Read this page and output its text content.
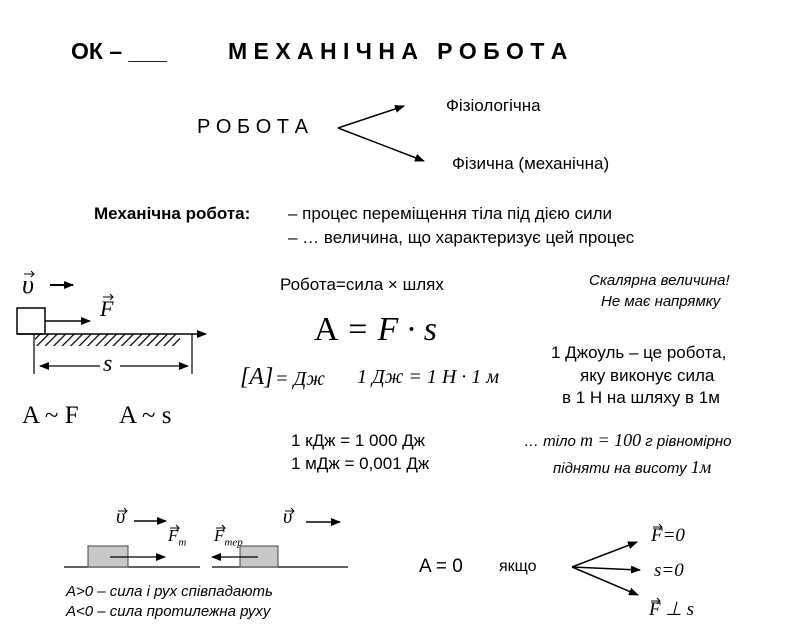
ОК – ___	М Е Х А Н І Ч Н А   Р О Б О Т А
Р О Б О Т А
Фізіологічна
Фізична (механічна)
Механічна робота: – процес переміщення тіла під дією сили
– … величина, що характеризує цей процес
υ
F
s
A ~ F A ~ s
Робота=сила × шлях
A = F · s
[A] = Дж 1 Дж = 1 Н · 1 м
1 кДж = 1 000 Дж
1 мДж = 0,001 Дж
Скалярна величина!
Не має напрямку
1 Джоуль – це робота,
яку виконує сила
в 1 Н на шляху в 1м
… тіло m = 100 г рівномірно
підняти на висоту 1м
υ
$F_т$ $F_{тер}$
υ
A>0 – сила і рух співпадають
A<0 – сила протилежна руху
A = 0 якщо
F=0
s=0
F ⊥ s
